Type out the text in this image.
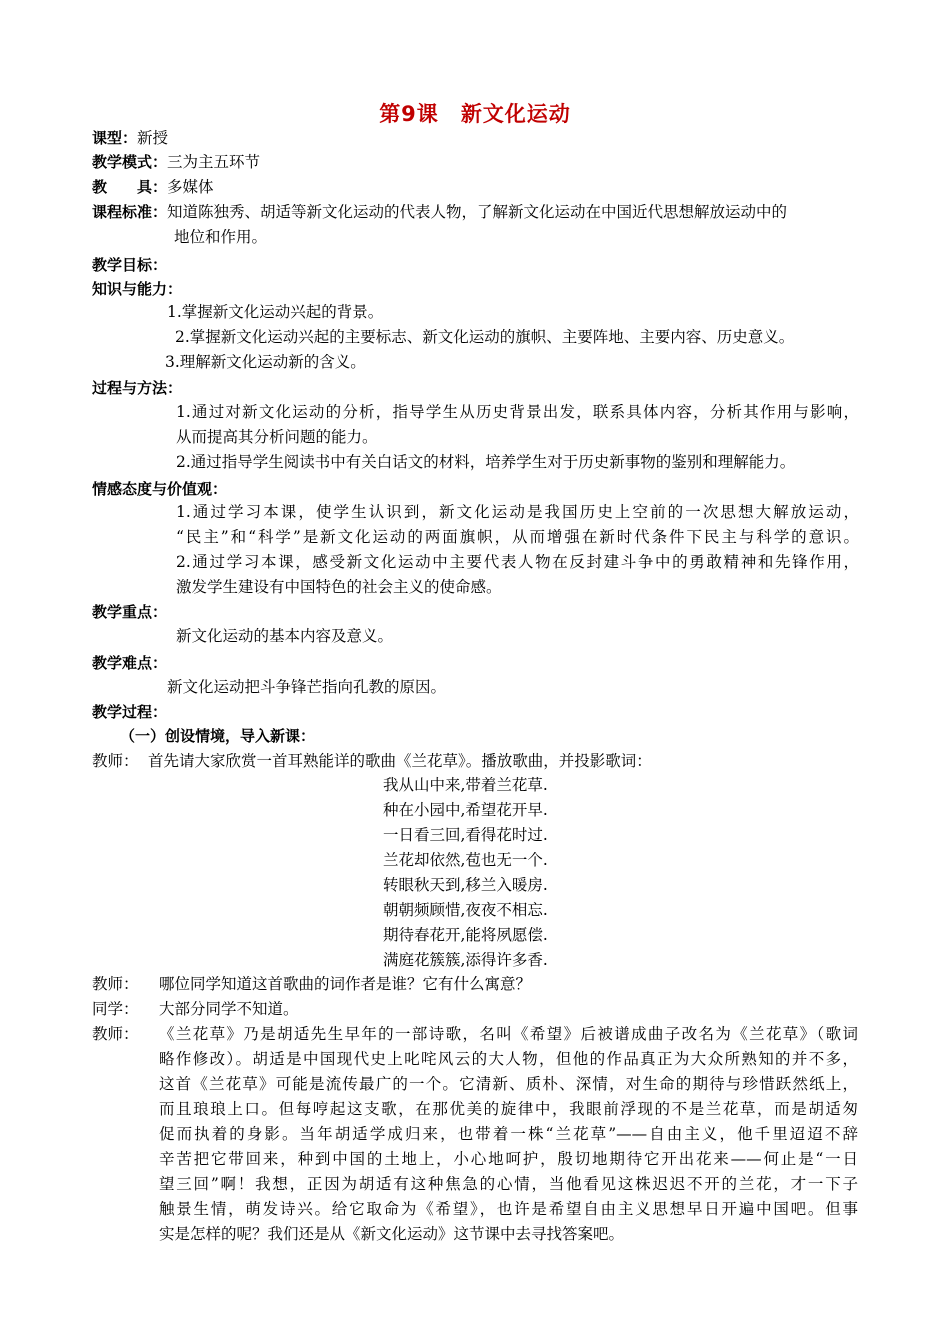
第9课 新文化运动
课型：新授
教学模式：三为主五环节
教　　具：多媒体
课程标准：知道陈独秀、胡适等新文化运动的代表人物，了解新文化运动在中国近代思想解放运动中的
地位和作用。
教学目标：
知识与能力：
1.掌握新文化运动兴起的背景。
2.掌握新文化运动兴起的主要标志、新文化运动的旗帜、主要阵地、主要内容、历史意义。
3.理解新文化运动新的含义。
过程与方法：
1.通过对新文化运动的分析，指导学生从历史背景出发，联系具体内容，分析其作用与影响，
从而提高其分析问题的能力。
2.通过指导学生阅读书中有关白话文的材料，培养学生对于历史新事物的鉴别和理解能力。
情感态度与价值观：
1.通过学习本课，使学生认识到，新文化运动是我国历史上空前的一次思想大解放运动，
“民主”和“科学”是新文化运动的两面旗帜，从而增强在新时代条件下民主与科学的意识。
2.通过学习本课，感受新文化运动中主要代表人物在反封建斗争中的勇敢精神和先锋作用，
激发学生建设有中国特色的社会主义的使命感。
教学重点：
新文化运动的基本内容及意义。
教学难点：
新文化运动把斗争锋芒指向孔教的原因。
教学过程：
（一）创设情境，导入新课：
教师： 首先请大家欣赏一首耳熟能详的歌曲《兰花草》。播放歌曲，并投影歌词：
我从山中来,带着兰花草.
种在小园中,希望花开早.
一日看三回,看得花时过.
兰花却依然,苞也无一个.
转眼秋天到,移兰入暖房.
朝朝频顾惜,夜夜不相忘.
期待春花开,能将夙愿偿.
满庭花簇簇,添得许多香.
教师： 哪位同学知道这首歌曲的词作者是谁？它有什么寓意？
同学： 大部分同学不知道。
教师： 《兰花草》乃是胡适先生早年的一部诗歌，名叫《希望》后被谱成曲子改名为《兰花草》（歌词
略作修改）。胡适是中国现代史上叱咤风云的大人物，但他的作品真正为大众所熟知的并不多，
这首《兰花草》可能是流传最广的一个。它清新、质朴、深情，对生命的期待与珍惜跃然纸上，
而且琅琅上口。但每哼起这支歌，在那优美的旋律中，我眼前浮现的不是兰花草，而是胡适匆
促而执着的身影。当年胡适学成归来，也带着一株“兰花草”——自由主义，他千里迢迢不辞
辛苦把它带回来，种到中国的土地上，小心地呵护，殷切地期待它开出花来——何止是“一日
望三回”啊！我想，正因为胡适有这种焦急的心情，当他看见这株迟迟不开的兰花，才一下子
触景生情，萌发诗兴。给它取命为《希望》，也许是希望自由主义思想早日开遍中国吧。但事
实是怎样的呢？我们还是从《新文化运动》这节课中去寻找答案吧。
